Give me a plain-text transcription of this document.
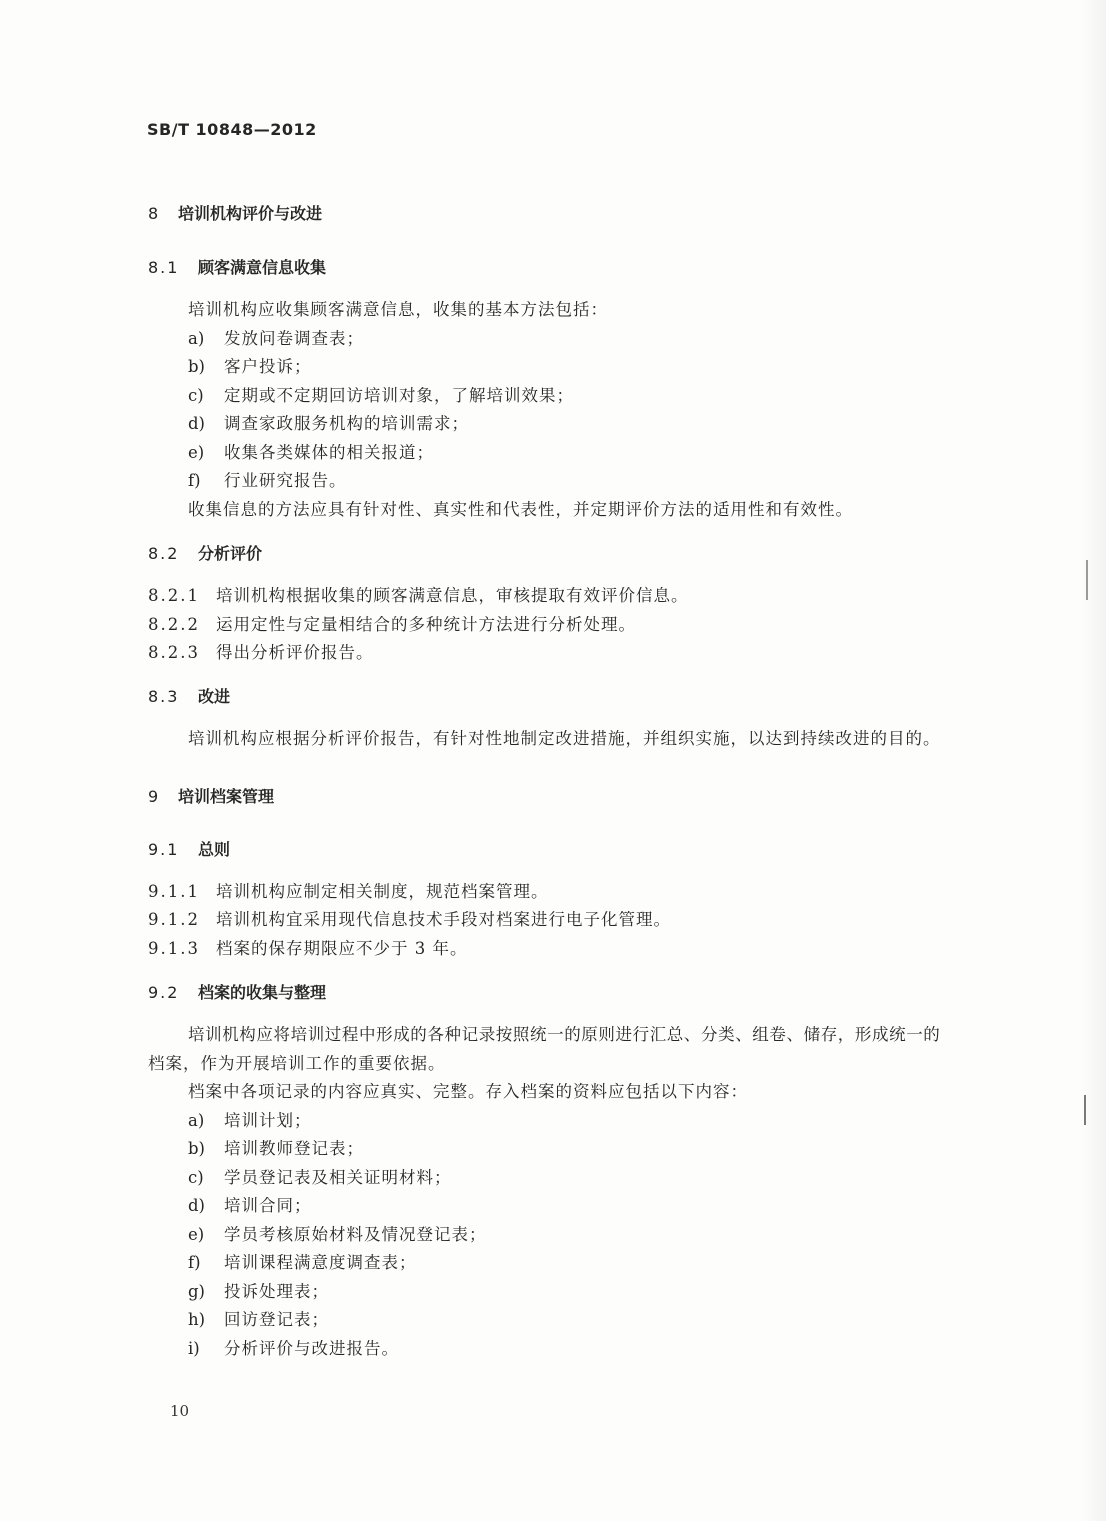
SB/T 10848—2012
8 培训机构评价与改进
8.1 顾客满意信息收集
培训机构应收集顾客满意信息，收集的基本方法包括：
a) 发放问卷调查表；
b) 客户投诉；
c) 定期或不定期回访培训对象，了解培训效果；
d) 调查家政服务机构的培训需求；
e) 收集各类媒体的相关报道；
f) 行业研究报告。
收集信息的方法应具有针对性、真实性和代表性，并定期评价方法的适用性和有效性。
8.2 分析评价
8.2.1 培训机构根据收集的顾客满意信息，审核提取有效评价信息。
8.2.2 运用定性与定量相结合的多种统计方法进行分析处理。
8.2.3 得出分析评价报告。
8.3 改进
培训机构应根据分析评价报告，有针对性地制定改进措施，并组织实施，以达到持续改进的目的。
9 培训档案管理
9.1 总则
9.1.1 培训机构应制定相关制度，规范档案管理。
9.1.2 培训机构宜采用现代信息技术手段对档案进行电子化管理。
9.1.3 档案的保存期限应不少于 3 年。
9.2 档案的收集与整理
培训机构应将培训过程中形成的各种记录按照统一的原则进行汇总、分类、组卷、储存，形成统一的
档案，作为开展培训工作的重要依据。
档案中各项记录的内容应真实、完整。存入档案的资料应包括以下内容：
a) 培训计划；
b) 培训教师登记表；
c) 学员登记表及相关证明材料；
d) 培训合同；
e) 学员考核原始材料及情况登记表；
f) 培训课程满意度调查表；
g) 投诉处理表；
h) 回访登记表；
i) 分析评价与改进报告。
10
